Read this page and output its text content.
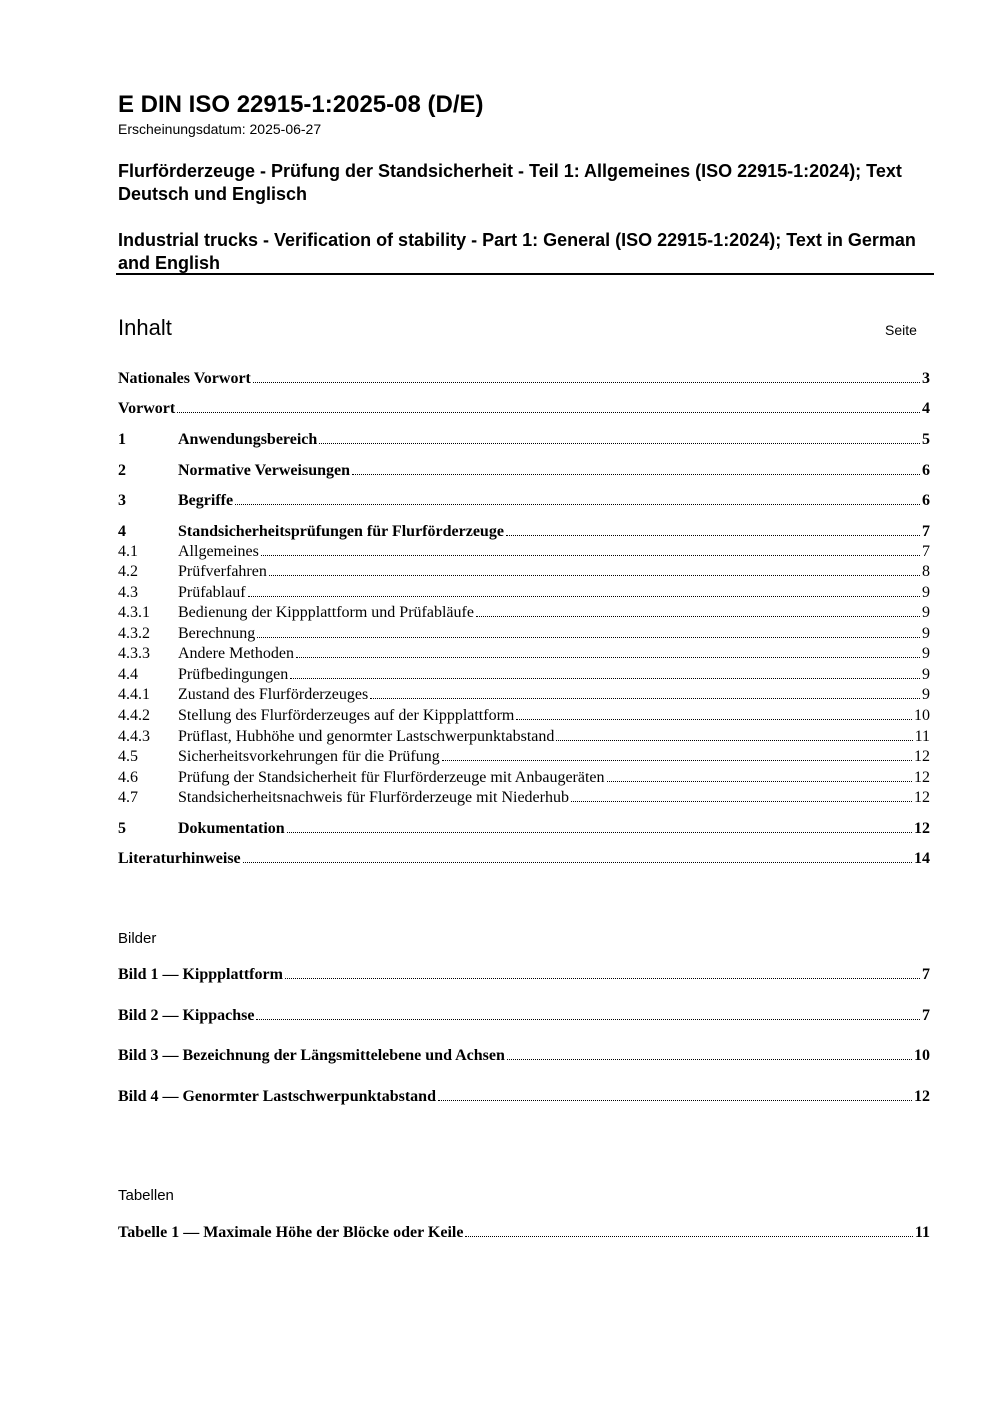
E DIN ISO 22915-1:2025-08 (D/E)
Erscheinungsdatum: 2025-06-27
Flurförderzeuge - Prüfung der Standsicherheit - Teil 1: Allgemeines (ISO 22915-1:2024); Text Deutsch und Englisch
Industrial trucks - Verification of stability - Part 1: General (ISO 22915-1:2024); Text in German and English
Inhalt	Seite
Nationales Vorwort	3
Vorwort	4
1	Anwendungsbereich	5
2	Normative Verweisungen	6
3	Begriffe	6
4	Standsicherheitsprüfungen für Flurförderzeuge	7
4.1	Allgemeines	7
4.2	Prüfverfahren	8
4.3	Prüfablauf	9
4.3.1	Bedienung der Kippplattform und Prüfabläufe	9
4.3.2	Berechnung	9
4.3.3	Andere Methoden	9
4.4	Prüfbedingungen	9
4.4.1	Zustand des Flurförderzeuges	9
4.4.2	Stellung des Flurförderzeuges auf der Kippplattform	10
4.4.3	Prüflast, Hubhöhe und genormter Lastschwerpunktabstand	11
4.5	Sicherheitsvorkehrungen für die Prüfung	12
4.6	Prüfung der Standsicherheit für Flurförderzeuge mit Anbaugeräten	12
4.7	Standsicherheitsnachweis für Flurförderzeuge mit Niederhub	12
5	Dokumentation	12
Literaturhinweise	14
Bilder
Bild 1 — Kippplattform	7
Bild 2 — Kippachse	7
Bild 3 — Bezeichnung der Längsmittelebene und Achsen	10
Bild 4 — Genormter Lastschwerpunktabstand	12
Tabellen
Tabelle 1 — Maximale Höhe der Blöcke oder Keile	11
